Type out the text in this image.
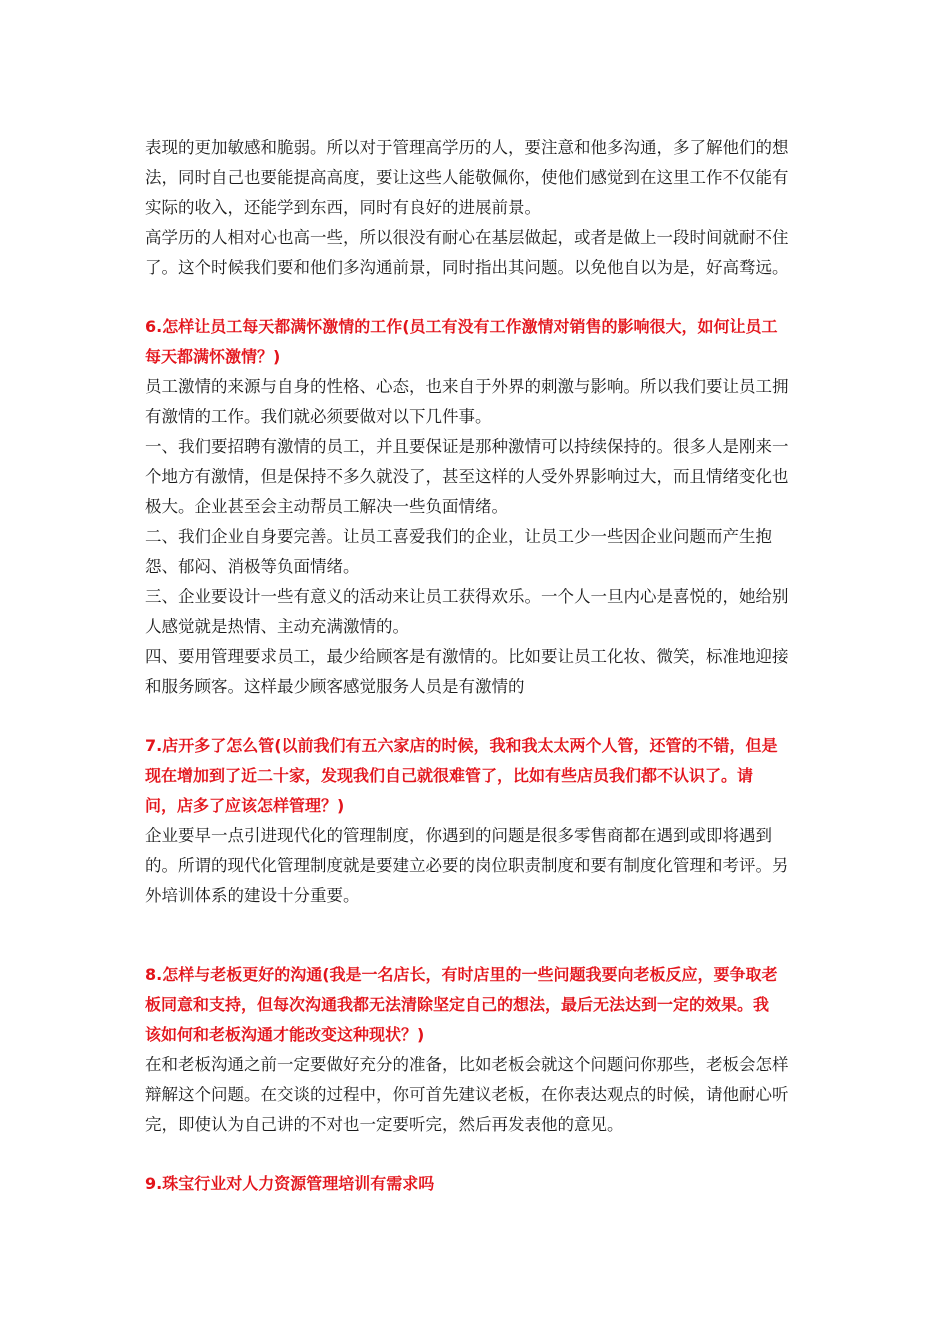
表现的更加敏感和脆弱。所以对于管理高学历的人，要注意和他多沟通，多了解他们的想
法，同时自己也要能提高高度，要让这些人能敬佩你，使他们感觉到在这里工作不仅能有
实际的收入，还能学到东西，同时有良好的进展前景。
高学历的人相对心也高一些，所以很没有耐心在基层做起，或者是做上一段时间就耐不住
了。这个时候我们要和他们多沟通前景，同时指出其问题。以免他自以为是，好高骛远。
6.怎样让员工每天都满怀激情的工作(员工有没有工作激情对销售的影响很大，如何让员工
每天都满怀激情？)
员工激情的来源与自身的性格、心态，也来自于外界的刺激与影响。所以我们要让员工拥
有激情的工作。我们就必须要做对以下几件事。
一、我们要招聘有激情的员工，并且要保证是那种激情可以持续保持的。很多人是刚来一
个地方有激情，但是保持不多久就没了，甚至这样的人受外界影响过大，而且情绪变化也
极大。企业甚至会主动帮员工解决一些负面情绪。
二、我们企业自身要完善。让员工喜爱我们的企业，让员工少一些因企业问题而产生抱
怨、郁闷、消极等负面情绪。
三、企业要设计一些有意义的活动来让员工获得欢乐。一个人一旦内心是喜悦的，她给别
人感觉就是热情、主动充满激情的。
四、要用管理要求员工，最少给顾客是有激情的。比如要让员工化妆、微笑，标准地迎接
和服务顾客。这样最少顾客感觉服务人员是有激情的
7.店开多了怎么管(以前我们有五六家店的时候，我和我太太两个人管，还管的不错，但是
现在增加到了近二十家，发现我们自己就很难管了，比如有些店员我们都不认识了。请
问，店多了应该怎样管理？)
企业要早一点引进现代化的管理制度，你遇到的问题是很多零售商都在遇到或即将遇到
的。所谓的现代化管理制度就是要建立必要的岗位职责制度和要有制度化管理和考评。另
外培训体系的建设十分重要。
8.怎样与老板更好的沟通(我是一名店长，有时店里的一些问题我要向老板反应，要争取老
板同意和支持，但每次沟通我都无法清除坚定自己的想法，最后无法达到一定的效果。我
该如何和老板沟通才能改变这种现状？)
在和老板沟通之前一定要做好充分的准备，比如老板会就这个问题问你那些，老板会怎样
辩解这个问题。在交谈的过程中，你可首先建议老板，在你表达观点的时候，请他耐心听
完，即使认为自己讲的不对也一定要听完，然后再发表他的意见。
9.珠宝行业对人力资源管理培训有需求吗
